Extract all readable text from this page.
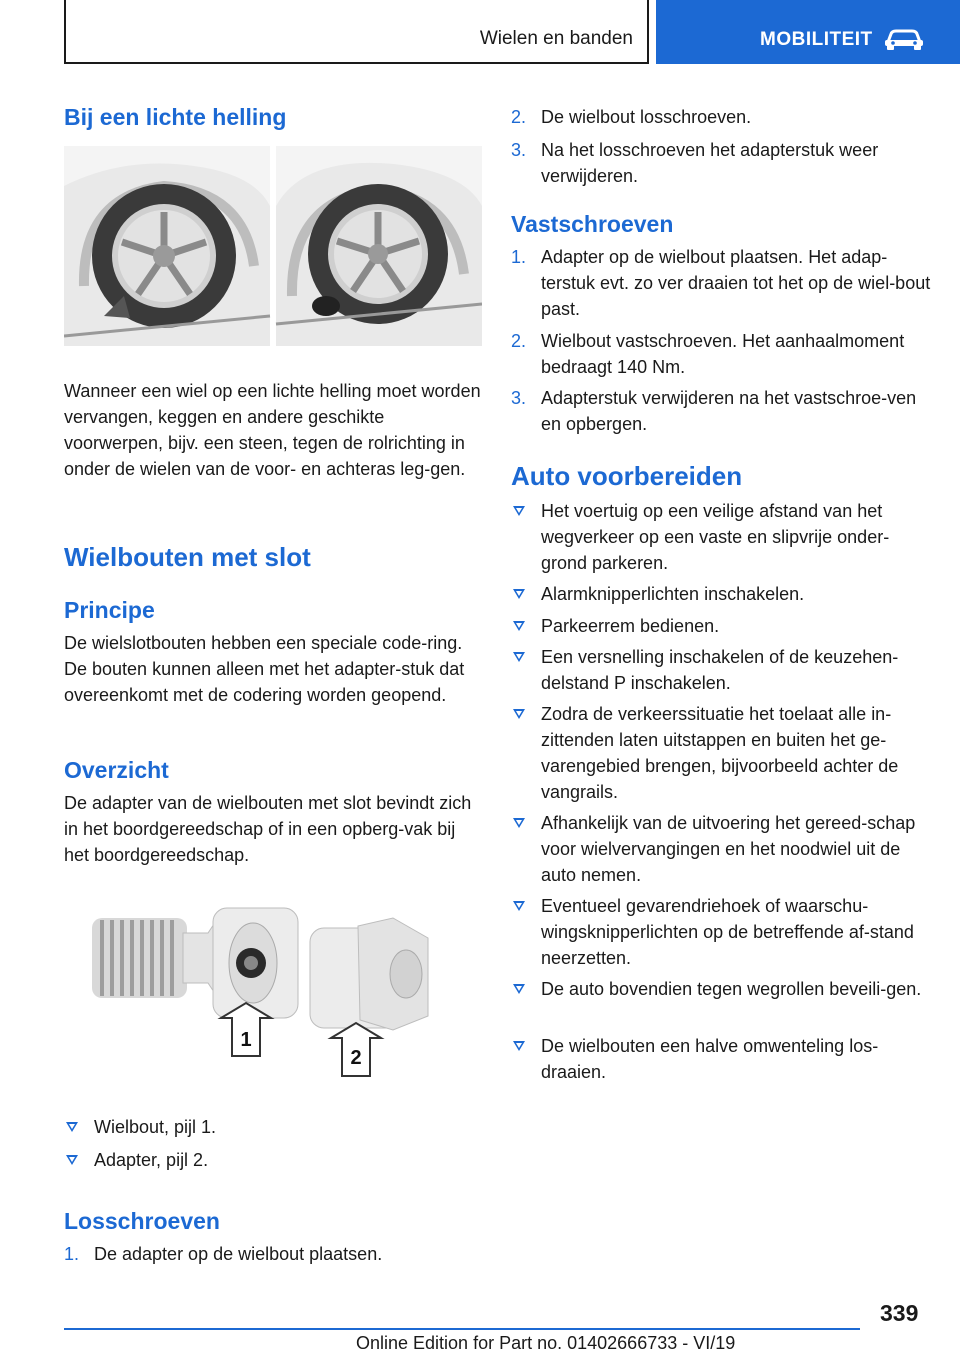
Wielen en banden	MOBILITEIT
Bij een lichte helling
Wanneer een wiel op een lichte helling moet worden vervangen, keggen en andere geschikte voorwerpen, bijv. een steen, tegen de rolrichting in onder de wielen van de voor- en achteras leg-gen.
Wielbouten met slot
Principe
De wielslotbouten hebben een speciale code-ring. De bouten kunnen alleen met het adapter-stuk dat overeenkomt met de codering worden geopend.
Overzicht
De adapter van de wielbouten met slot bevindt zich in het boordgereedschap of in een opberg-vak bij het boordgereedschap.
1
2
Wielbout, pijl 1.
Adapter, pijl 2.
Losschroeven
1. De adapter op de wielbout plaatsen.
2. De wielbout losschroeven.
3. Na het losschroeven het adapterstuk weer verwijderen.
Vastschroeven
1. Adapter op de wielbout plaatsen. Het adap-terstuk evt. zo ver draaien tot het op de wiel-bout past.
2. Wielbout vastschroeven. Het aanhaalmoment bedraagt 140 Nm.
3. Adapterstuk verwijderen na het vastschroe-ven en opbergen.
Auto voorbereiden
Het voertuig op een veilige afstand van het wegverkeer op een vaste en slipvrije onder-grond parkeren.
Alarmknipperlichten inschakelen.
Parkeerrem bedienen.
Een versnelling inschakelen of de keuzehen-delstand P inschakelen.
Zodra de verkeerssituatie het toelaat alle in-zittenden laten uitstappen en buiten het ge-varengebied brengen, bijvoorbeeld achter de vangrails.
Afhankelijk van de uitvoering het gereed-schap voor wielvervangingen en het noodwiel uit de auto nemen.
Eventueel gevarendriehoek of waarschu-wingsknipperlichten op de betreffende af-stand neerzetten.
De auto bovendien tegen wegrollen beveili-gen.
De wielbouten een halve omwenteling los-draaien.
339
Online Edition for Part no. 01402666733 - VI/19
